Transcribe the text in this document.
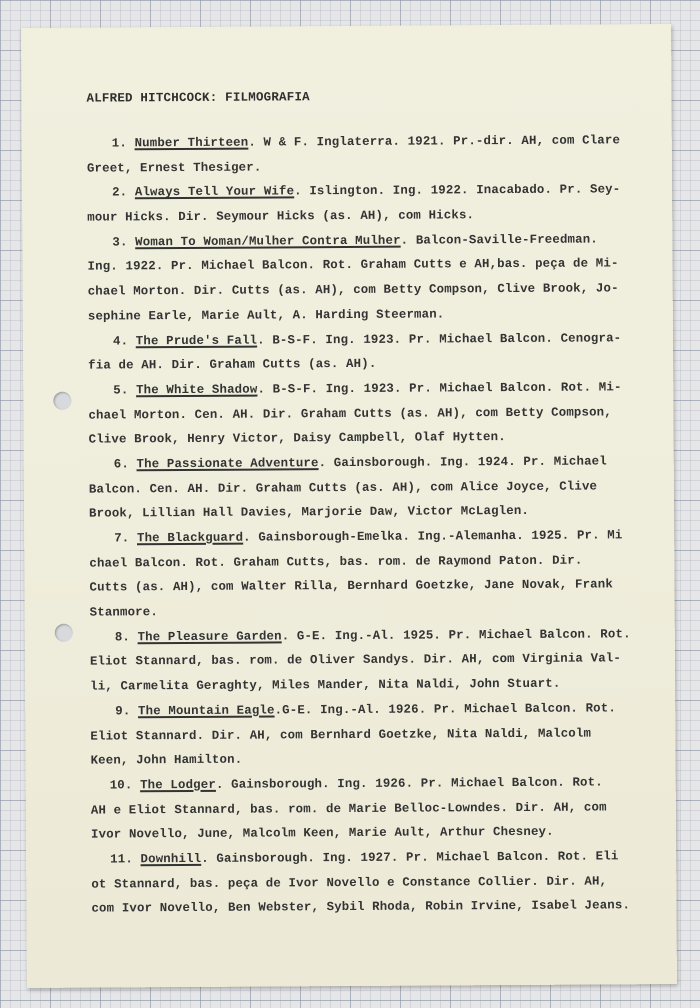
ALFRED HITCHCOCK: FILMOGRAFIA
1. Number Thirteen. W & F. Inglaterra. 1921. Pr.-dir. AH, com Clare
Greet, Ernest Thesiger.
2. Always Tell Your Wife. Islington. Ing. 1922. Inacabado. Pr. Sey-
mour Hicks. Dir. Seymour Hicks (as. AH), com Hicks.
3. Woman To Woman/Mulher Contra Mulher. Balcon-Saville-Freedman.
Ing. 1922. Pr. Michael Balcon. Rot. Graham Cutts e AH,bas. peça de Mi-
chael Morton. Dir. Cutts (as. AH), com Betty Compson, Clive Brook, Jo-
sephine Earle, Marie Ault, A. Harding Steerman.
4. The Prude's Fall. B-S-F. Ing. 1923. Pr. Michael Balcon. Cenogra-
fia de AH. Dir. Graham Cutts (as. AH).
5. The White Shadow. B-S-F. Ing. 1923. Pr. Michael Balcon. Rot. Mi-
chael Morton. Cen. AH. Dir. Graham Cutts (as. AH), com Betty Compson,
Clive Brook, Henry Victor, Daisy Campbell, Olaf Hytten.
6. The Passionate Adventure. Gainsborough. Ing. 1924. Pr. Michael
Balcon. Cen. AH. Dir. Graham Cutts (as. AH), com Alice Joyce, Clive
Brook, Lillian Hall Davies, Marjorie Daw, Victor McLaglen.
7. The Blackguard. Gainsborough-Emelka. Ing.-Alemanha. 1925. Pr. Mi
chael Balcon. Rot. Graham Cutts, bas. rom. de Raymond Paton. Dir.
Cutts (as. AH), com Walter Rilla, Bernhard Goetzke, Jane Novak, Frank
Stanmore.
8. The Pleasure Garden. G-E. Ing.-Al. 1925. Pr. Michael Balcon. Rot.
Eliot Stannard, bas. rom. de Oliver Sandys. Dir. AH, com Virginia Val-
li, Carmelita Geraghty, Miles Mander, Nita Naldi, John Stuart.
9. The Mountain Eagle.G-E. Ing.-Al. 1926. Pr. Michael Balcon. Rot.
Eliot Stannard. Dir. AH, com Bernhard Goetzke, Nita Naldi, Malcolm
Keen, John Hamilton.
10. The Lodger. Gainsborough. Ing. 1926. Pr. Michael Balcon. Rot.
AH e Eliot Stannard, bas. rom. de Marie Belloc-Lowndes. Dir. AH, com
Ivor Novello, June, Malcolm Keen, Marie Ault, Arthur Chesney.
11. Downhill. Gainsborough. Ing. 1927. Pr. Michael Balcon. Rot. Eli
ot Stannard, bas. peça de Ivor Novello e Constance Collier. Dir. AH,
com Ivor Novello, Ben Webster, Sybil Rhoda, Robin Irvine, Isabel Jeans.
